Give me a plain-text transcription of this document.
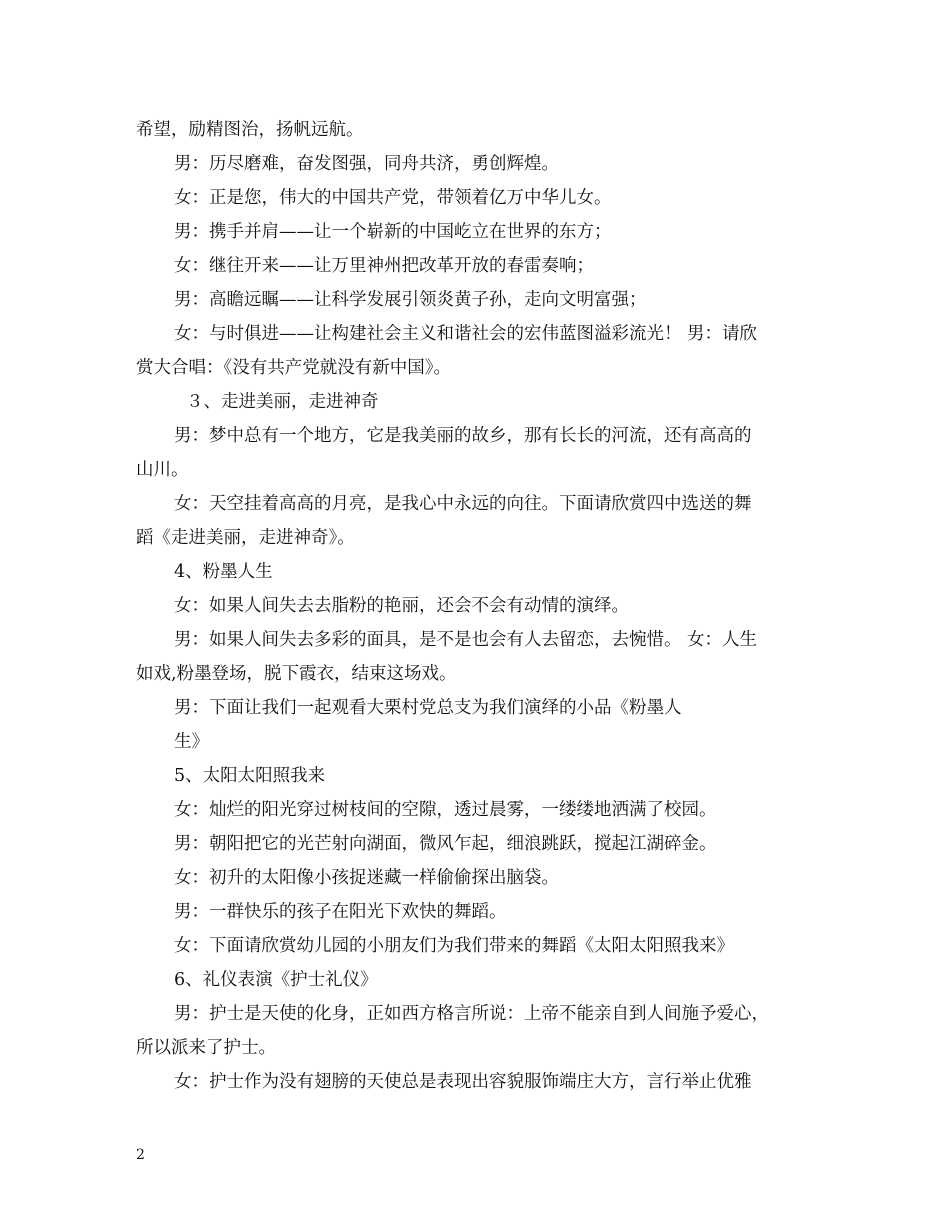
希望，励精图治，扬帆远航。

男：历尽磨难，奋发图强，同舟共济，勇创辉煌。

女：正是您，伟大的中国共产党，带领着亿万中华儿女。

男：携手并肩——让一个崭新的中国屹立在世界的东方；

女：继往开来——让万里神州把改革开放的春雷奏响；

男：高瞻远瞩——让科学发展引领炎黄子孙，走向文明富强；

女：与时俱进——让构建社会主义和谐社会的宏伟蓝图溢彩流光！ 男：请欣

赏大合唱：《没有共产党就没有新中国》。

３、走进美丽，走进神奇

男：梦中总有一个地方，它是我美丽的故乡，那有长长的河流，还有高高的

山川。

女：天空挂着高高的月亮，是我心中永远的向往。下面请欣赏四中选送的舞

蹈《走进美丽，走进神奇》。

4、粉墨人生

女：如果人间失去去脂粉的艳丽，还会不会有动情的演绎。

男：如果人间失去多彩的面具，是不是也会有人去留恋，去惋惜。 女：人生

如戏,粉墨登场，脱下霞衣，结束这场戏。

男：下面让我们一起观看大栗村党总支为我们演绎的小品《粉墨人

生》

5、太阳太阳照我来

女：灿烂的阳光穿过树枝间的空隙，透过晨雾，一缕缕地洒满了校园。

男：朝阳把它的光芒射向湖面，微风乍起，细浪跳跃，搅起江湖碎金。

女：初升的太阳像小孩捉迷藏一样偷偷探出脑袋。

男：一群快乐的孩子在阳光下欢快的舞蹈。

女：下面请欣赏幼儿园的小朋友们为我们带来的舞蹈《太阳太阳照我来》

6、礼仪表演《护士礼仪》

男：护士是天使的化身，正如西方格言所说：上帝不能亲自到人间施予爱心，

所以派来了护士。

女：护士作为没有翅膀的天使总是表现出容貌服饰端庄大方，言行举止优雅

2
